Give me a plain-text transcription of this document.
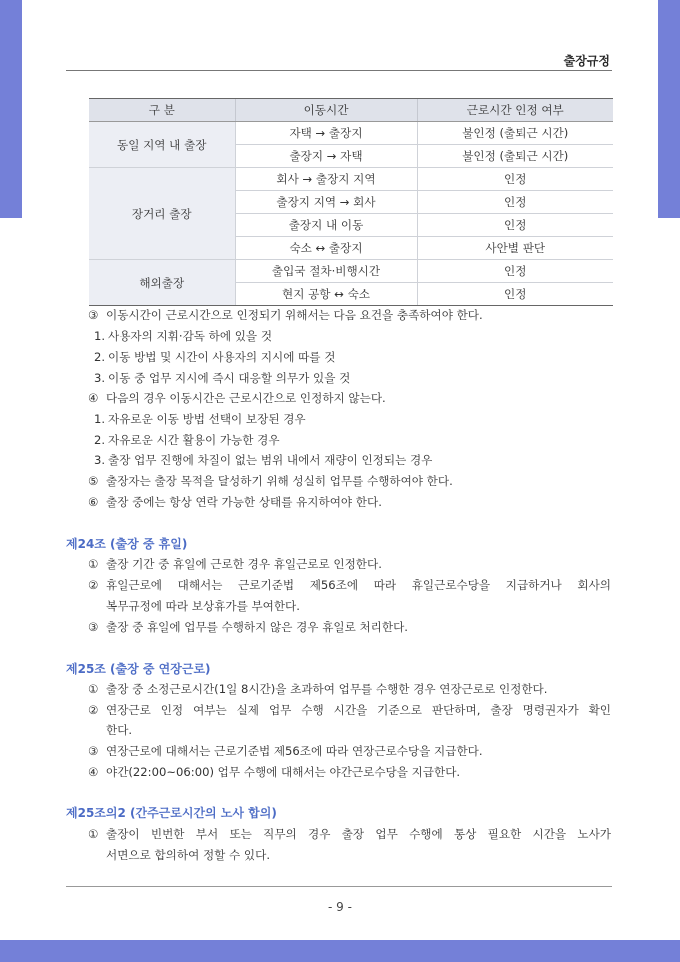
출장규정
구 분	이동시간	근로시간 인정 여부
동일 지역 내 출장	자택 → 출장지	불인정 (출퇴근 시간)
	출장지 → 자택	불인정 (출퇴근 시간)
장거리 출장	회사 → 출장지 지역	인정
	출장지 지역 → 회사	인정
	출장지 내 이동	인정
	숙소 ↔ 출장지	사안별 판단
해외출장	출입국 절차·비행시간	인정
	현지 공항 ↔ 숙소	인정
③ 이동시간이 근로시간으로 인정되기 위해서는 다음 요건을 충족하여야 한다.
1. 사용자의 지휘·감독 하에 있을 것
2. 이동 방법 및 시간이 사용자의 지시에 따를 것
3. 이동 중 업무 지시에 즉시 대응할 의무가 있을 것
④ 다음의 경우 이동시간은 근로시간으로 인정하지 않는다.
1. 자유로운 이동 방법 선택이 보장된 경우
2. 자유로운 시간 활용이 가능한 경우
3. 출장 업무 진행에 차질이 없는 범위 내에서 재량이 인정되는 경우
⑤ 출장자는 출장 목적을 달성하기 위해 성실히 업무를 수행하여야 한다.
⑥ 출장 중에는 항상 연락 가능한 상태를 유지하여야 한다.
제24조 (출장 중 휴일)
① 출장 기간 중 휴일에 근로한 경우 휴일근로로 인정한다.
② 휴일근로에 대해서는 근로기준법 제56조에 따라 휴일근로수당을 지급하거나 회사의
복무규정에 따라 보상휴가를 부여한다.
③ 출장 중 휴일에 업무를 수행하지 않은 경우 휴일로 처리한다.
제25조 (출장 중 연장근로)
① 출장 중 소정근로시간(1일 8시간)을 초과하여 업무를 수행한 경우 연장근로로 인정한다.
② 연장근로 인정 여부는 실제 업무 수행 시간을 기준으로 판단하며, 출장 명령권자가 확인
한다.
③ 연장근로에 대해서는 근로기준법 제56조에 따라 연장근로수당을 지급한다.
④ 야간(22:00~06:00) 업무 수행에 대해서는 야간근로수당을 지급한다.
제25조의2 (간주근로시간의 노사 합의)
① 출장이 빈번한 부서 또는 직무의 경우 출장 업무 수행에 통상 필요한 시간을 노사가
서면으로 합의하여 정할 수 있다.
- 9 -
